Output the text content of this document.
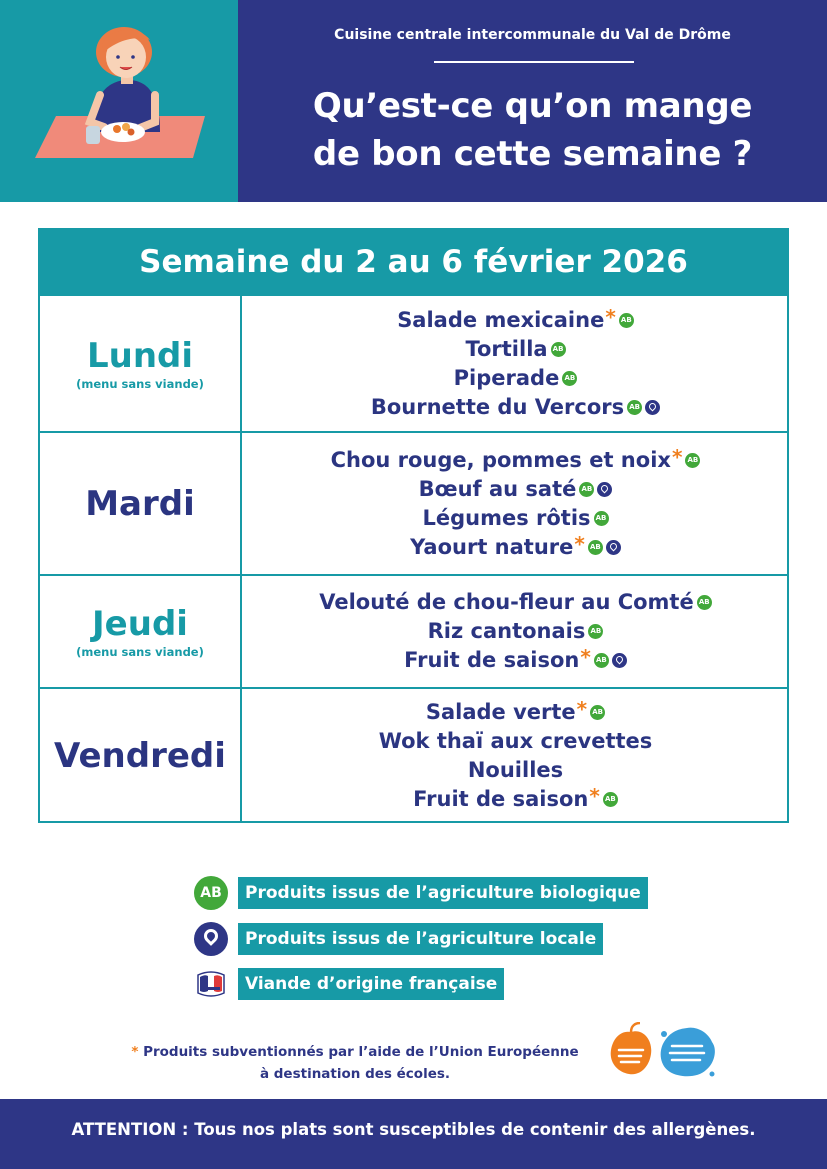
Cuisine centrale intercommunale du Val de Drôme
Qu’est-ce qu’on mange
de bon cette semaine ?
Semaine du 2 au 6 février 2026
Lundi
(menu sans viande)
Salade mexicaine * AB
Tortilla AB
Piperade AB
Bournette du Vercors AB
Mardi
Chou rouge, pommes et noix * AB
Bœuf au saté AB
Légumes rôtis AB
Yaourt nature * AB
Jeudi
(menu sans viande)
Velouté de chou-fleur au Comté AB
Riz cantonais AB
Fruit de saison * AB
Vendredi
Salade verte * AB
Wok thaï aux crevettes
Nouilles
Fruit de saison * AB
AB	Produits issus de l’agriculture biologique
Produits issus de l’agriculture locale
Viande d’origine française
* Produits subventionnés par l’aide de l’Union Européenne
à destination des écoles.
ATTENTION : Tous nos plats sont susceptibles de contenir des allergènes.
